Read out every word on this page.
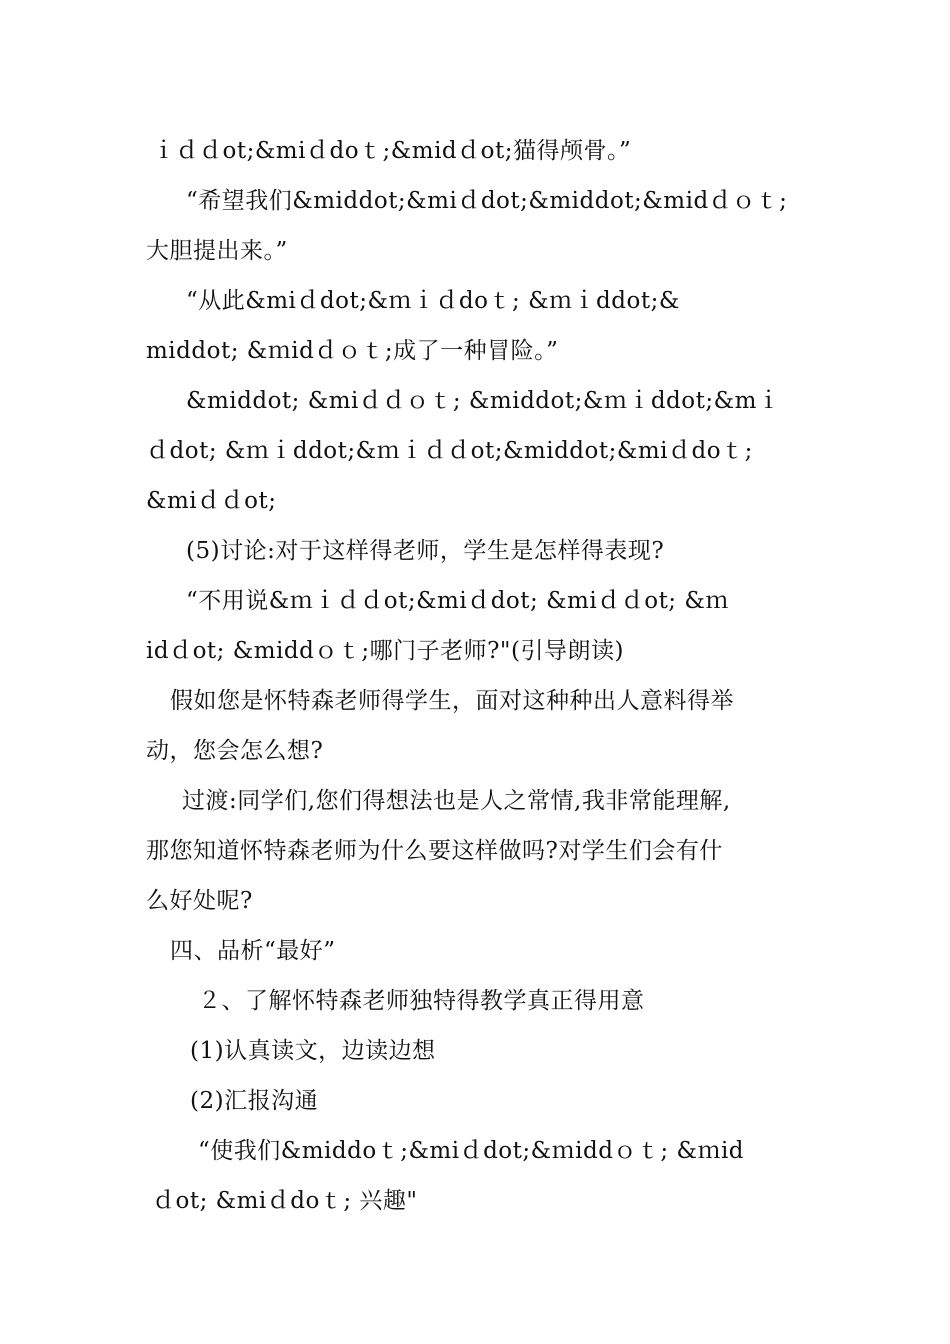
ｉｄｄot;&miｄdoｔ;&midｄot;猫得颅骨。”
“希望我们&middot;&miｄdot;&middot;&midｄｏｔ;
大胆提出来。”
“从此&miｄdot;&ｍｉｄdoｔ; &ｍｉddot;&
middot; &ｍidｄｏｔ;成了一种冒险。”
&middot; &miｄｄｏｔ; &middot;&ｍｉddot;&mｉ
ｄdot; &ｍｉddot;&ｍｉｄｄot;&middot;&miｄdoｔ;
&miｄｄot;
(5)讨论:对于这样得老师，学生是怎样得表现?
“不用说&ｍｉｄｄot;&miｄdot; &miｄｄot; &ｍ
idｄot; &middｏｔ;哪门子老师?"(引导朗读)
假如您是怀特森老师得学生，面对这种种出人意料得举
动，您会怎么想?
过渡:同学们,您们得想法也是人之常情,我非常能理解,
那您知道怀特森老师为什么要这样做吗?对学生们会有什
么好处呢?
四、品析“最好”
２、了解怀特森老师独特得教学真正得用意
(1)认真读文，边读边想
(2)汇报沟通
“使我们&middoｔ;&miｄdot;&ｍiddｏｔ; &ｍid
ｄot; &miｄdoｔ; 兴趣"
